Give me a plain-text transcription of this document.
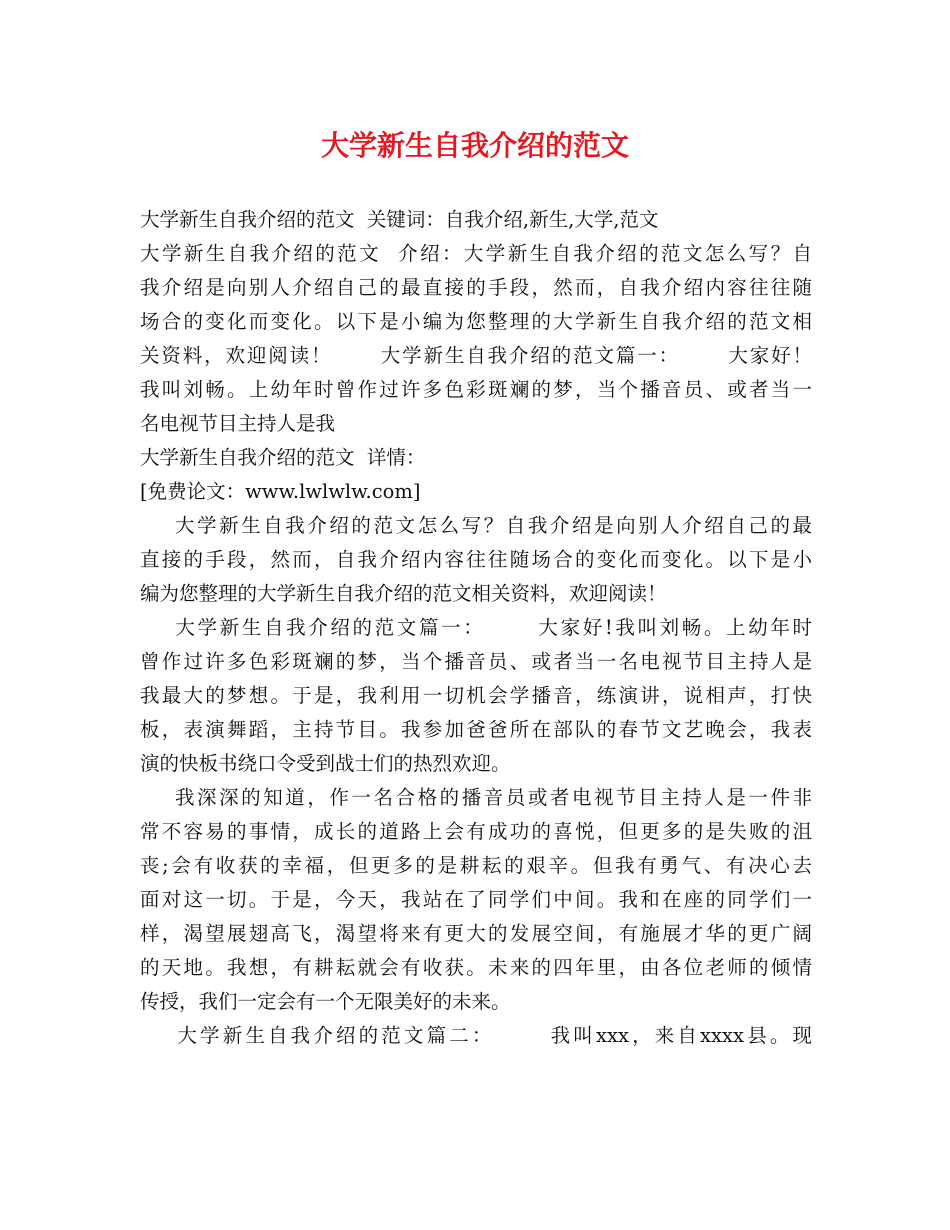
大学新生自我介绍的范文
大学新生自我介绍的范文  关键词：自我介绍,新生,大学,范文
大学新生自我介绍的范文  介绍：大学新生自我介绍的范文怎么写？自
我介绍是向别人介绍自己的最直接的手段，然而，自我介绍内容往往随
场合的变化而变化。以下是小编为您整理的大学新生自我介绍的范文相
关资料，欢迎阅读！      大学新生自我介绍的范文篇一：      大家好！
我叫刘畅。上幼年时曾作过许多色彩斑斓的梦，当个播音员、或者当一
名电视节目主持人是我
大学新生自我介绍的范文  详情：
[免费论文：www.lwlwlw.com]
大学新生自我介绍的范文怎么写？自我介绍是向别人介绍自己的最
直接的手段，然而，自我介绍内容往往随场合的变化而变化。以下是小
编为您整理的大学新生自我介绍的范文相关资料，欢迎阅读！
大学新生自我介绍的范文篇一：      大家好!我叫刘畅。上幼年时
曾作过许多色彩斑斓的梦，当个播音员、或者当一名电视节目主持人是
我最大的梦想。于是，我利用一切机会学播音，练演讲，说相声，打快
板，表演舞蹈，主持节目。我参加爸爸所在部队的春节文艺晚会，我表
演的快板书绕口令受到战士们的热烈欢迎。
我深深的知道，作一名合格的播音员或者电视节目主持人是一件非
常不容易的事情，成长的道路上会有成功的喜悦，但更多的是失败的沮
丧;会有收获的幸福，但更多的是耕耘的艰辛。但我有勇气、有决心去
面对这一切。于是，今天，我站在了同学们中间。我和在座的同学们一
样，渴望展翅高飞，渴望将来有更大的发展空间，有施展才华的更广阔
的天地。我想，有耕耘就会有收获。未来的四年里，由各位老师的倾情
传授，我们一定会有一个无限美好的未来。
大学新生自我介绍的范文篇二：      我叫xxx，来自xxxx县。现
